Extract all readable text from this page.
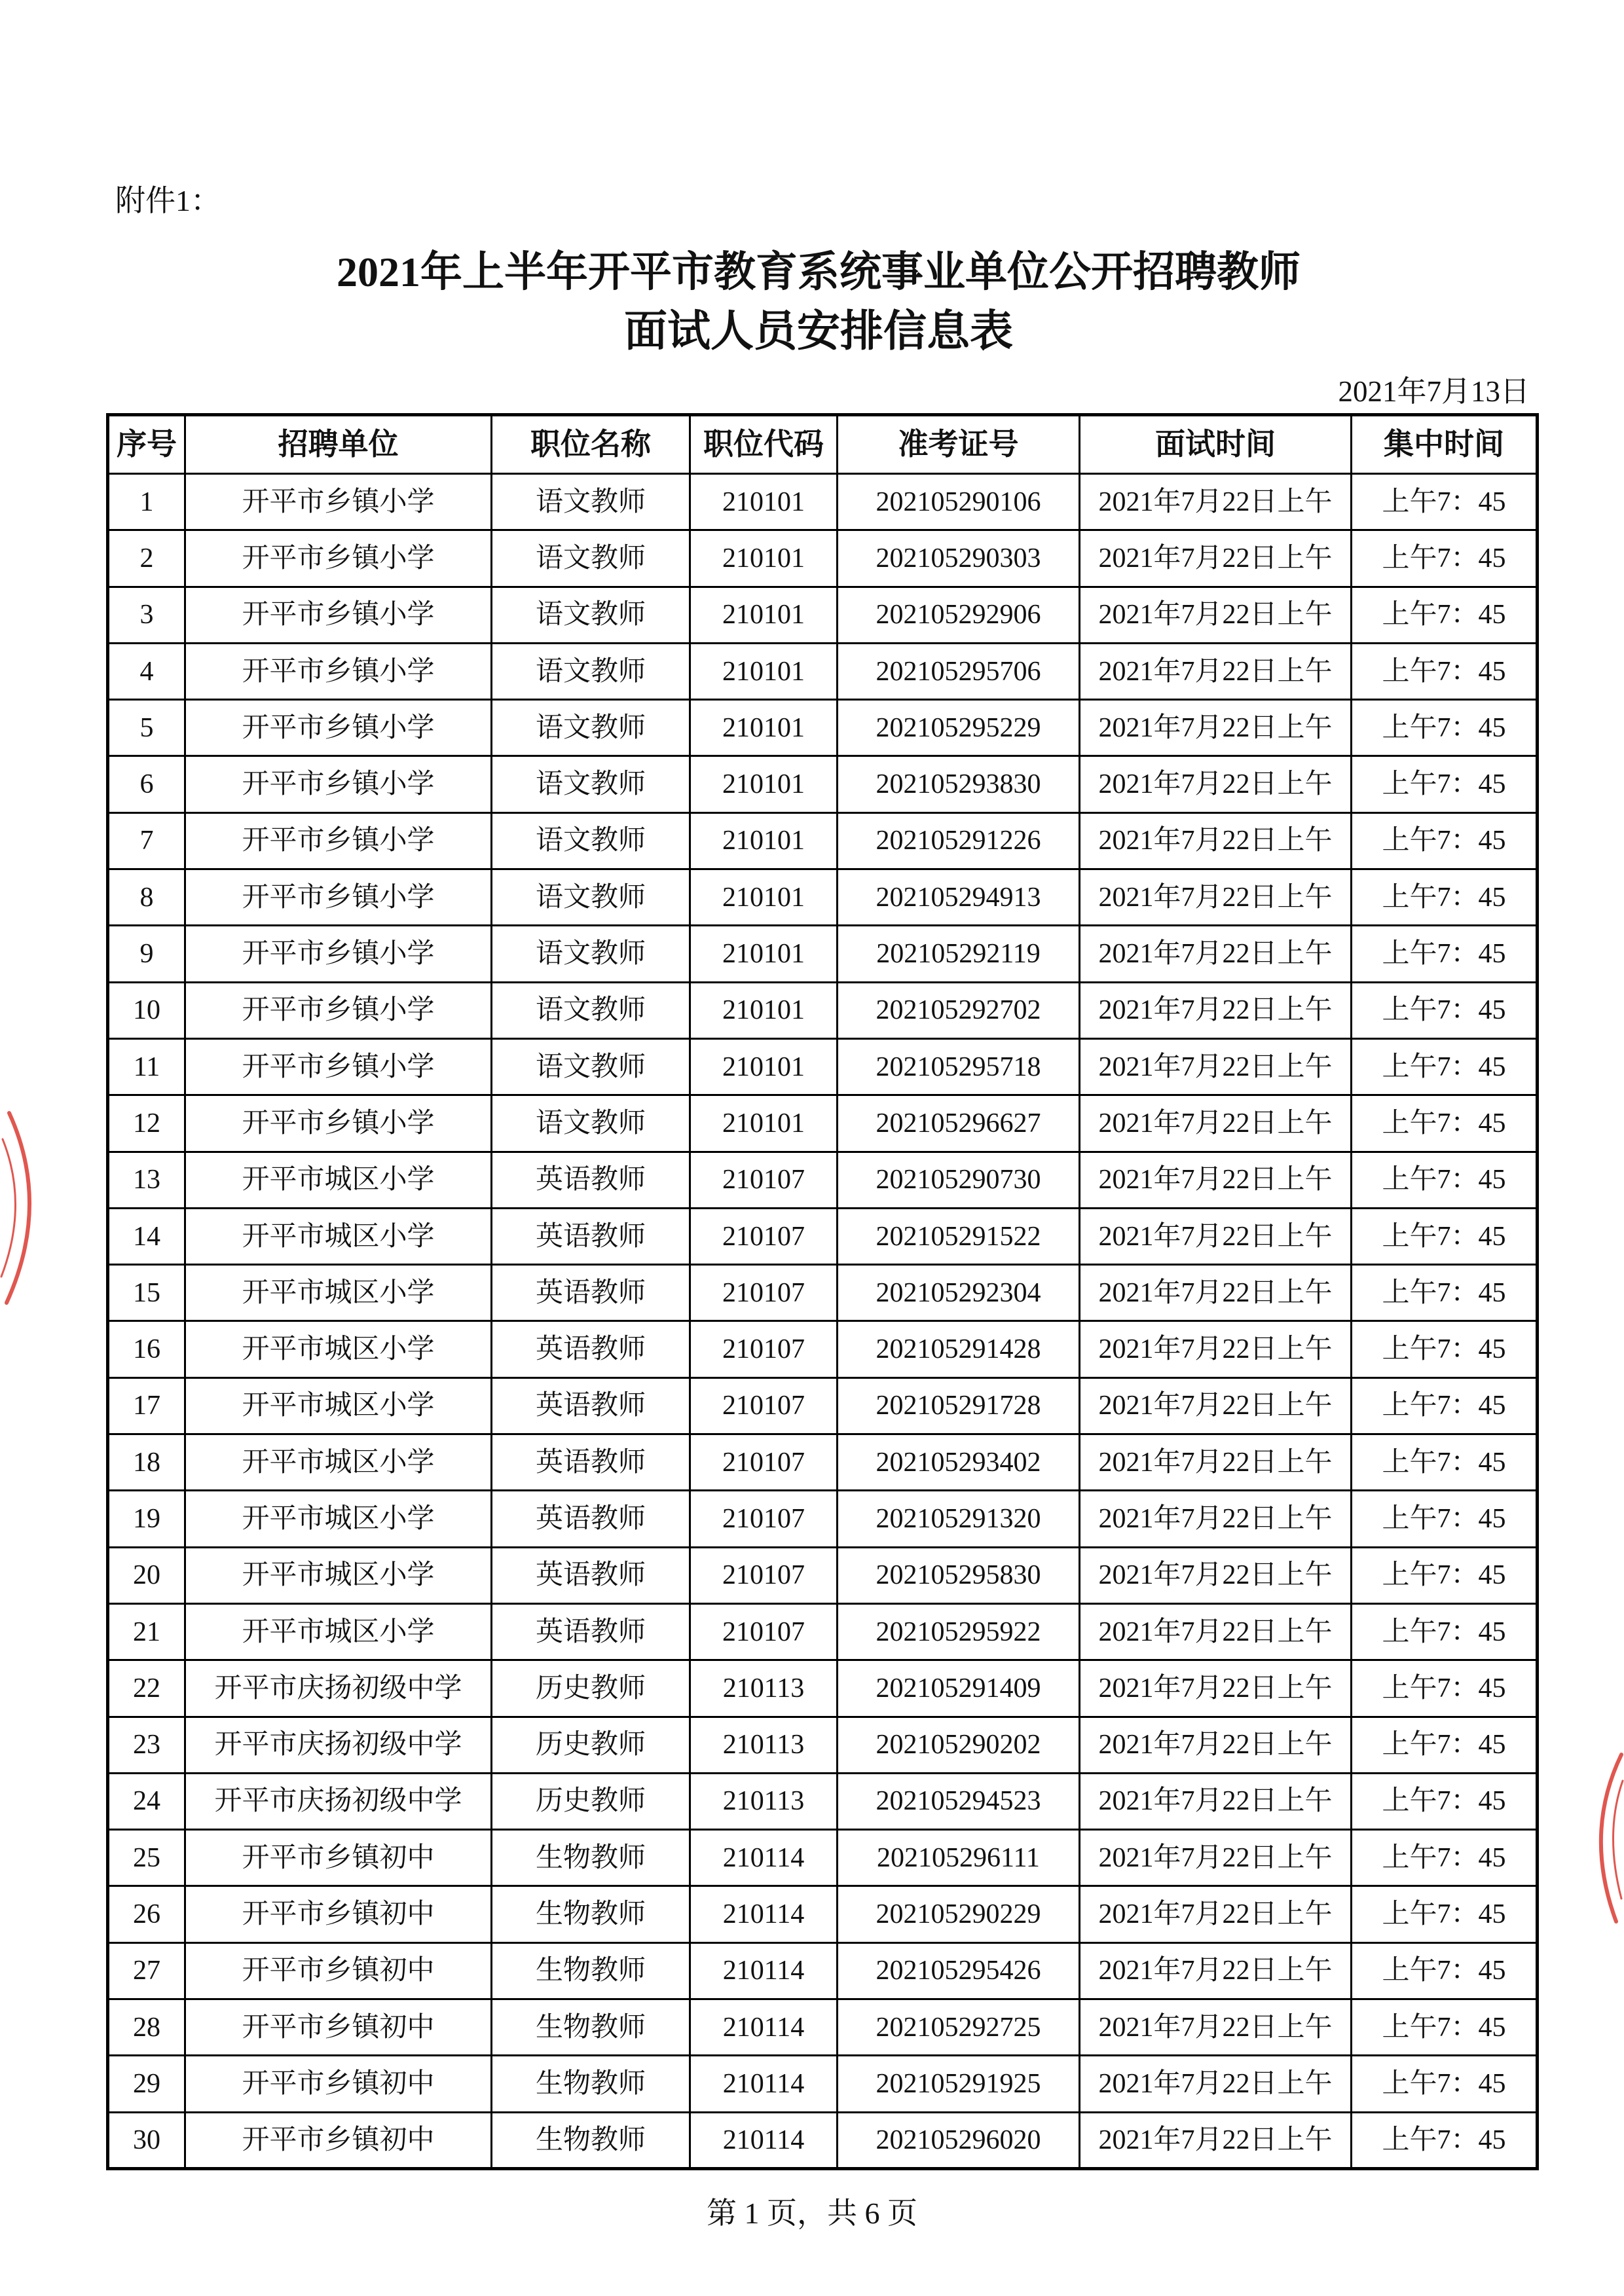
附件1：
2021年上半年开平市教育系统事业单位公开招聘教师
面试人员安排信息表
2021年7月13日
序号	招聘单位	职位名称	职位代码	准考证号	面试时间	集中时间
1	开平市乡镇小学	语文教师	210101	202105290106	2021年7月22日上午	上午7：45
2	开平市乡镇小学	语文教师	210101	202105290303	2021年7月22日上午	上午7：45
3	开平市乡镇小学	语文教师	210101	202105292906	2021年7月22日上午	上午7：45
4	开平市乡镇小学	语文教师	210101	202105295706	2021年7月22日上午	上午7：45
5	开平市乡镇小学	语文教师	210101	202105295229	2021年7月22日上午	上午7：45
6	开平市乡镇小学	语文教师	210101	202105293830	2021年7月22日上午	上午7：45
7	开平市乡镇小学	语文教师	210101	202105291226	2021年7月22日上午	上午7：45
8	开平市乡镇小学	语文教师	210101	202105294913	2021年7月22日上午	上午7：45
9	开平市乡镇小学	语文教师	210101	202105292119	2021年7月22日上午	上午7：45
10	开平市乡镇小学	语文教师	210101	202105292702	2021年7月22日上午	上午7：45
11	开平市乡镇小学	语文教师	210101	202105295718	2021年7月22日上午	上午7：45
12	开平市乡镇小学	语文教师	210101	202105296627	2021年7月22日上午	上午7：45
13	开平市城区小学	英语教师	210107	202105290730	2021年7月22日上午	上午7：45
14	开平市城区小学	英语教师	210107	202105291522	2021年7月22日上午	上午7：45
15	开平市城区小学	英语教师	210107	202105292304	2021年7月22日上午	上午7：45
16	开平市城区小学	英语教师	210107	202105291428	2021年7月22日上午	上午7：45
17	开平市城区小学	英语教师	210107	202105291728	2021年7月22日上午	上午7：45
18	开平市城区小学	英语教师	210107	202105293402	2021年7月22日上午	上午7：45
19	开平市城区小学	英语教师	210107	202105291320	2021年7月22日上午	上午7：45
20	开平市城区小学	英语教师	210107	202105295830	2021年7月22日上午	上午7：45
21	开平市城区小学	英语教师	210107	202105295922	2021年7月22日上午	上午7：45
22	开平市庆扬初级中学	历史教师	210113	202105291409	2021年7月22日上午	上午7：45
23	开平市庆扬初级中学	历史教师	210113	202105290202	2021年7月22日上午	上午7：45
24	开平市庆扬初级中学	历史教师	210113	202105294523	2021年7月22日上午	上午7：45
25	开平市乡镇初中	生物教师	210114	202105296111	2021年7月22日上午	上午7：45
26	开平市乡镇初中	生物教师	210114	202105290229	2021年7月22日上午	上午7：45
27	开平市乡镇初中	生物教师	210114	202105295426	2021年7月22日上午	上午7：45
28	开平市乡镇初中	生物教师	210114	202105292725	2021年7月22日上午	上午7：45
29	开平市乡镇初中	生物教师	210114	202105291925	2021年7月22日上午	上午7：45
30	开平市乡镇初中	生物教师	210114	202105296020	2021年7月22日上午	上午7：45
第 1 页，共 6 页
